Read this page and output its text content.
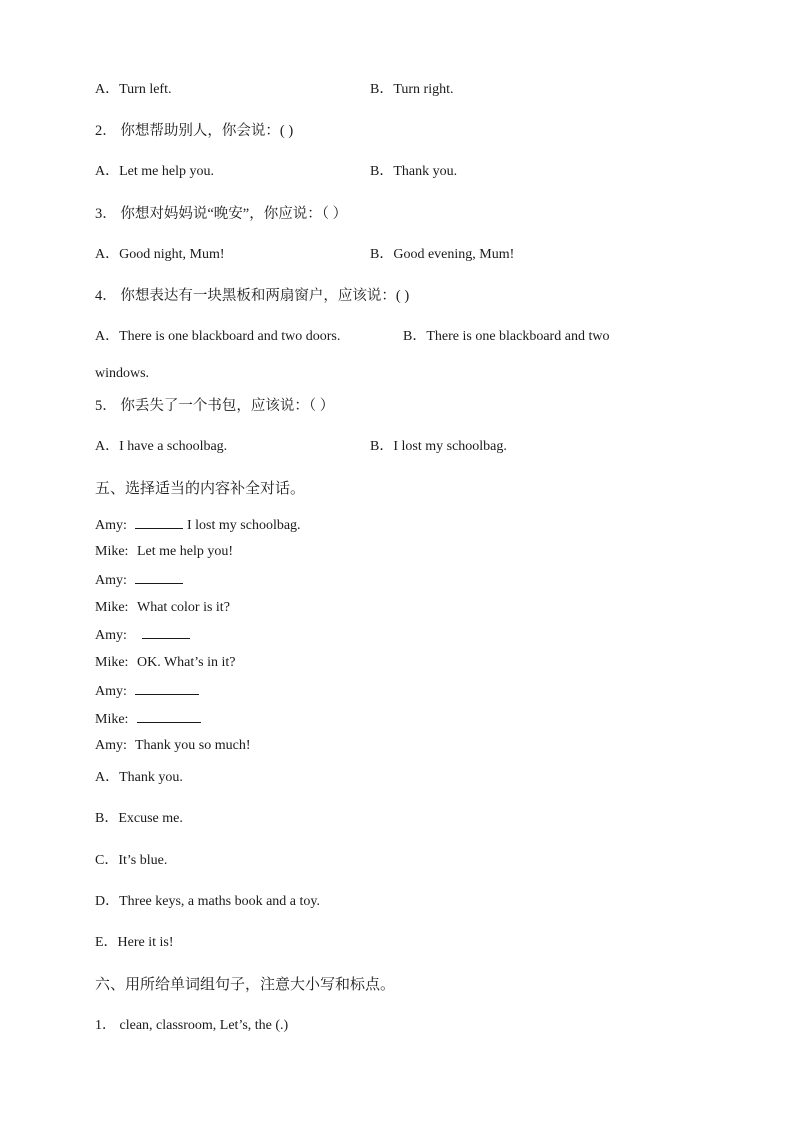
A．Turn left.	B．Turn right.
2． 你想帮助别人，你会说：( )
A．Let me help you.	B．Thank you.
3． 你想对妈妈说“晚安”，你应说：（ ）
A．Good night, Mum!	B．Good evening, Mum!
4． 你想表达有一块黑板和两扇窗户，应该说：( )
A．There is one blackboard and two doors.	B．There is one blackboard and two
windows.
5． 你丢失了一个书包，应该说：（ ）
A．I have a schoolbag.	B．I lost my schoolbag.
五、选择适当的内容补全对话。
Amy:	I lost my schoolbag.
Mike: Let me help you!
Amy:
Mike: What color is it?
Amy:
Mike: OK. What’s in it?
Amy:
Mike:
Amy: Thank you so much!
A．Thank you.
B．Excuse me.
C．It’s blue.
D．Three keys, a maths book and a toy.
E．Here it is!
六、用所给单词组句子，注意大小写和标点。
1． clean, classroom, Let’s, the (.)
